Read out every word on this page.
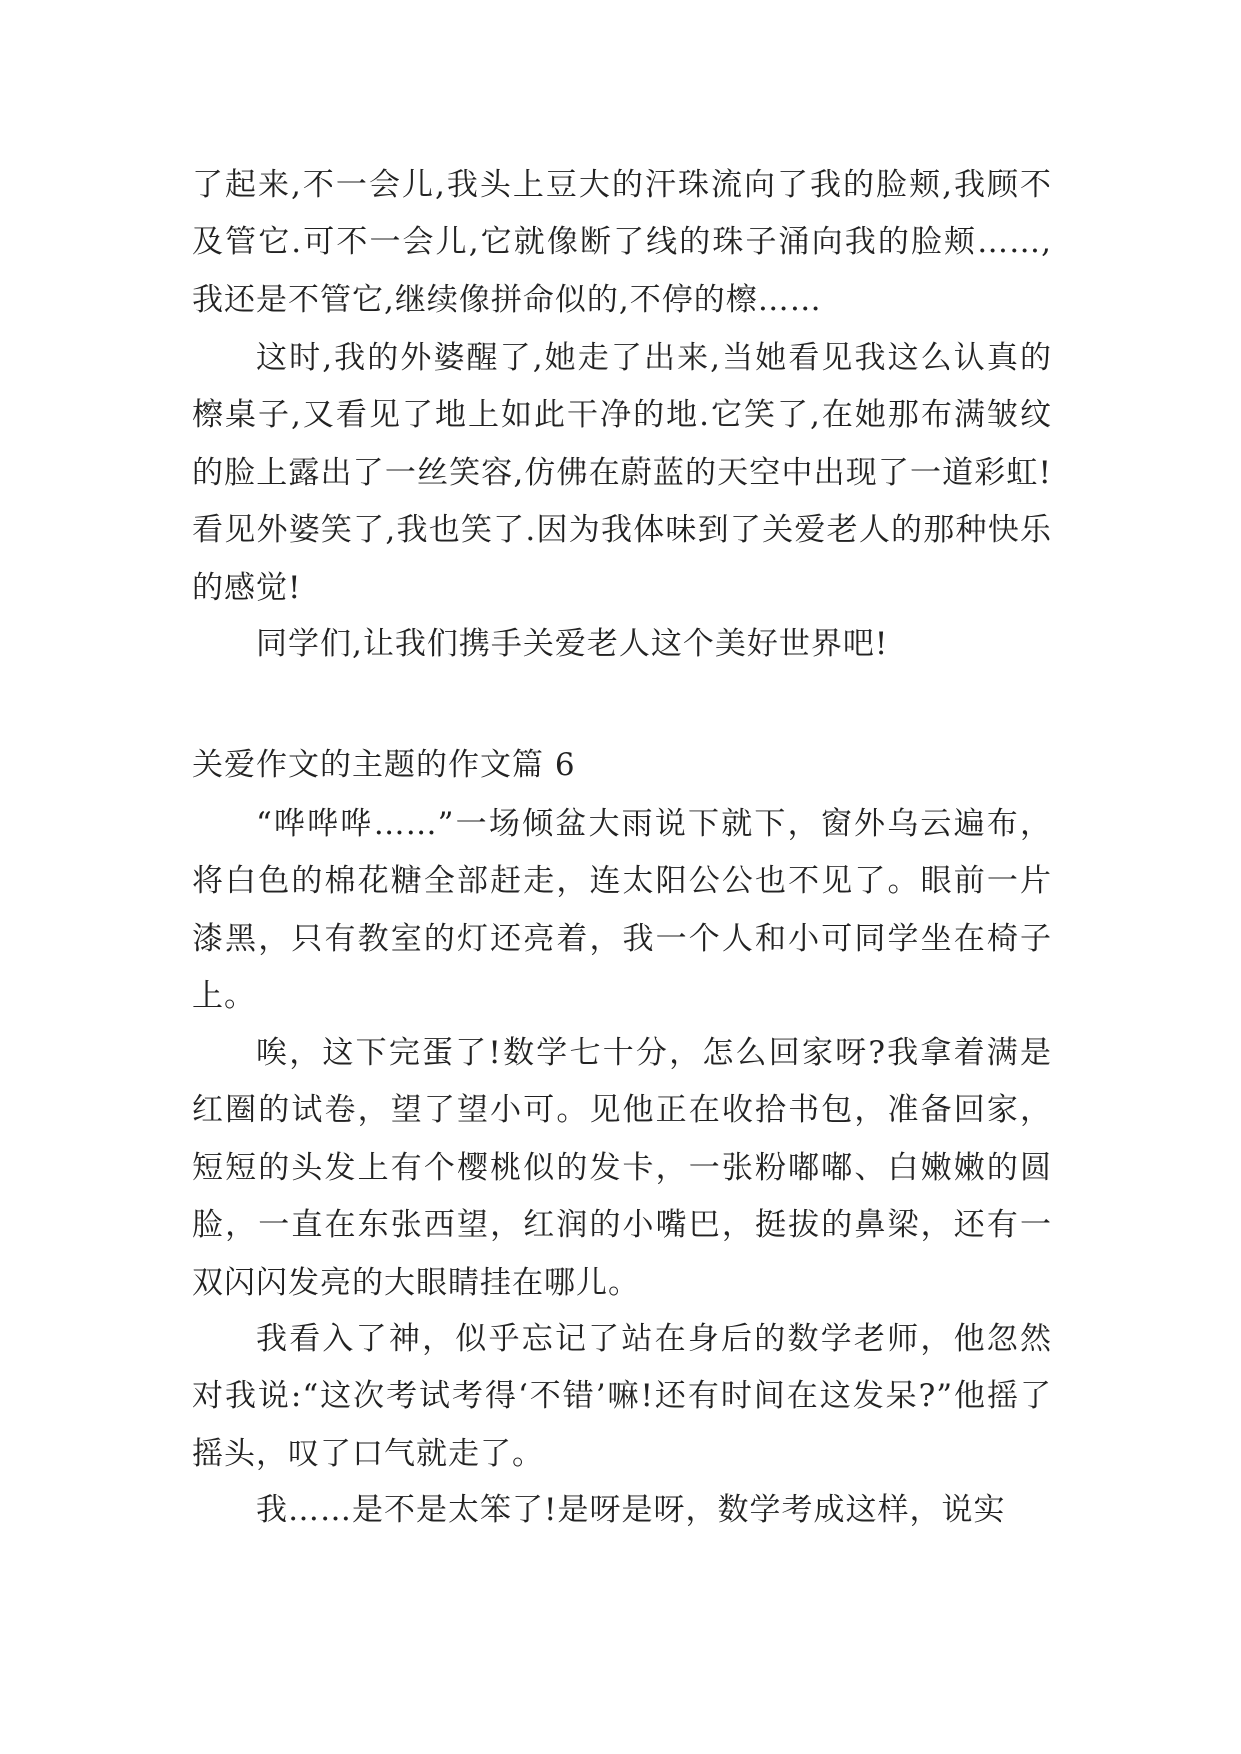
了起来,不一会儿,我头上豆大的汗珠流向了我的脸颊,我顾不及管它.可不一会儿,它就像断了线的珠子涌向我的脸颊……,我还是不管它,继续像拼命似的,不停的檫……

这时,我的外婆醒了,她走了出来,当她看见我这么认真的檫桌子,又看见了地上如此干净的地.它笑了,在她那布满皱纹的脸上露出了一丝笑容,仿佛在蔚蓝的天空中出现了一道彩虹!看见外婆笑了,我也笑了.因为我体味到了关爱老人的那种快乐的感觉!

同学们,让我们携手关爱老人这个美好世界吧!

关爱作文的主题的作文篇 6

“哗哗哗……”一场倾盆大雨说下就下，窗外乌云遍布，将白色的棉花糖全部赶走，连太阳公公也不见了。眼前一片漆黑，只有教室的灯还亮着，我一个人和小可同学坐在椅子上。

唉，这下完蛋了!数学七十分，怎么回家呀?我拿着满是红圈的试卷，望了望小可。见他正在收拾书包，准备回家，短短的头发上有个樱桃似的发卡，一张粉嘟嘟、白嫩嫩的圆脸，一直在东张西望，红润的小嘴巴，挺拔的鼻梁，还有一双闪闪发亮的大眼睛挂在哪儿。

我看入了神，似乎忘记了站在身后的数学老师，他忽然对我说:“这次考试考得‘不错’嘛!还有时间在这发呆?”他摇了摇头，叹了口气就走了。

我……是不是太笨了!是呀是呀，数学考成这样，说实
